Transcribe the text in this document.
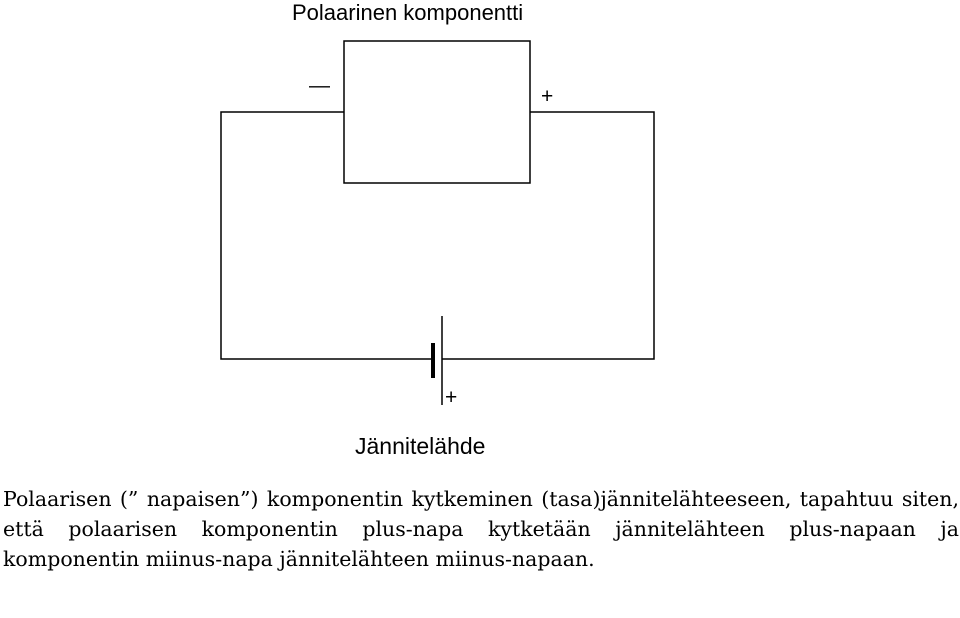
Polaarinen komponentti
—	+
+
Jännitelähde

Polaarisen (” napaisen”) komponentin kytkeminen (tasa)jännitelähteeseen, tapahtuu siten, että polaarisen komponentin plus-napa kytketään jännitelähteen plus-napaan ja komponentin miinus-napa jännitelähteen miinus-napaan.
